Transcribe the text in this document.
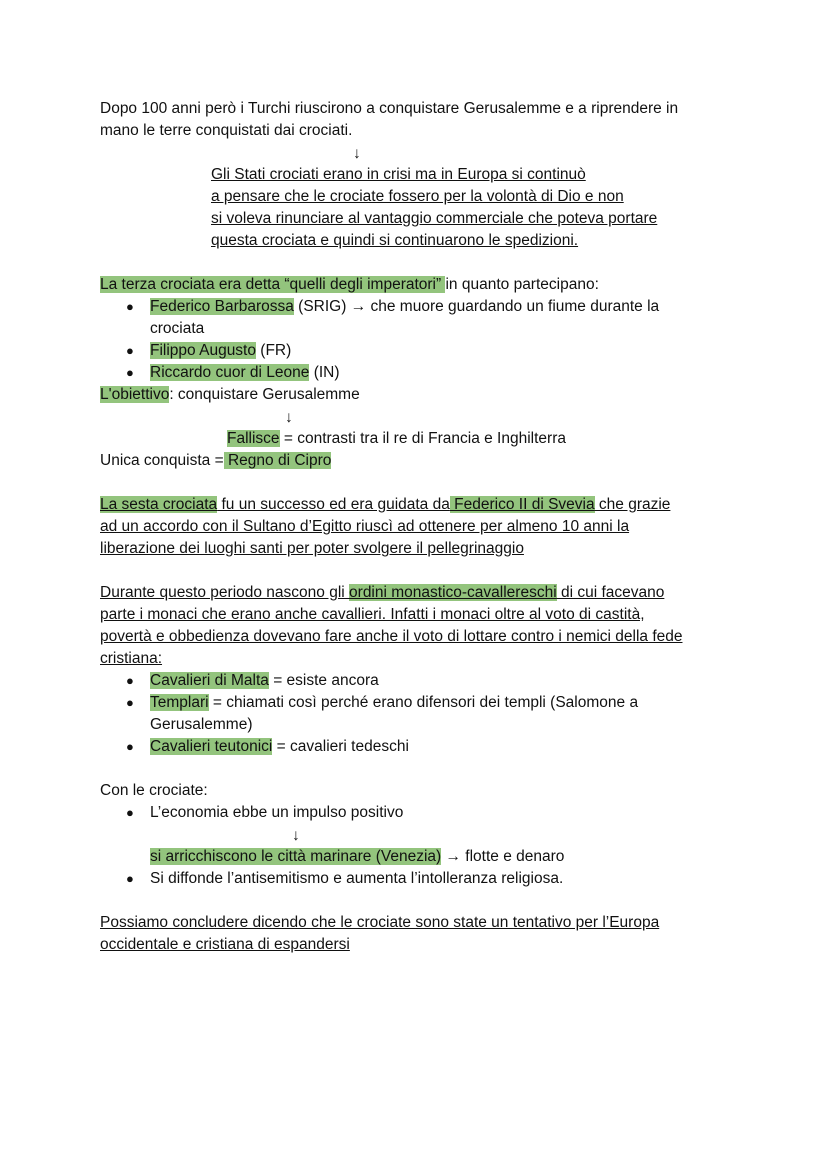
Dopo 100 anni però i Turchi riuscirono a conquistare Gerusalemme e a riprendere in
mano le terre conquistati dai crociati.
↓
Gli Stati crociati erano in crisi ma in Europa si continuò
a pensare che le crociate fossero per la volontà di Dio e non
si voleva rinunciare al vantaggio commerciale che poteva portare
questa crociata e quindi si continuarono le spedizioni.
La terza crociata era detta “quelli degli imperatori” in quanto partecipano:
● Federico Barbarossa (SRIG) → che muore guardando un fiume durante la
crociata
● Filippo Augusto (FR)
● Riccardo cuor di Leone (IN)
L'obiettivo: conquistare Gerusalemme
↓
Fallisce = contrasti tra il re di Francia e Inghilterra
Unica conquista = Regno di Cipro
La sesta crociata fu un successo ed era guidata da Federico II di Svevia che grazie
ad un accordo con il Sultano d’Egitto riuscì ad ottenere per almeno 10 anni la
liberazione dei luoghi santi per poter svolgere il pellegrinaggio
Durante questo periodo nascono gli ordini monastico-cavallereschi di cui facevano
parte i monaci che erano anche cavallieri. Infatti i monaci oltre al voto di castità,
povertà e obbedienza dovevano fare anche il voto di lottare contro i nemici della fede
cristiana:
● Cavalieri di Malta = esiste ancora
● Templari = chiamati così perché erano difensori dei templi (Salomone a
Gerusalemme)
● Cavalieri teutonici = cavalieri tedeschi
Con le crociate:
● L’economia ebbe un impulso positivo
↓
si arricchiscono le città marinare (Venezia) → flotte e denaro
● Si diffonde l’antisemitismo e aumenta l’intolleranza religiosa.
Possiamo concludere dicendo che le crociate sono state un tentativo per l’Europa
occidentale e cristiana di espandersi
